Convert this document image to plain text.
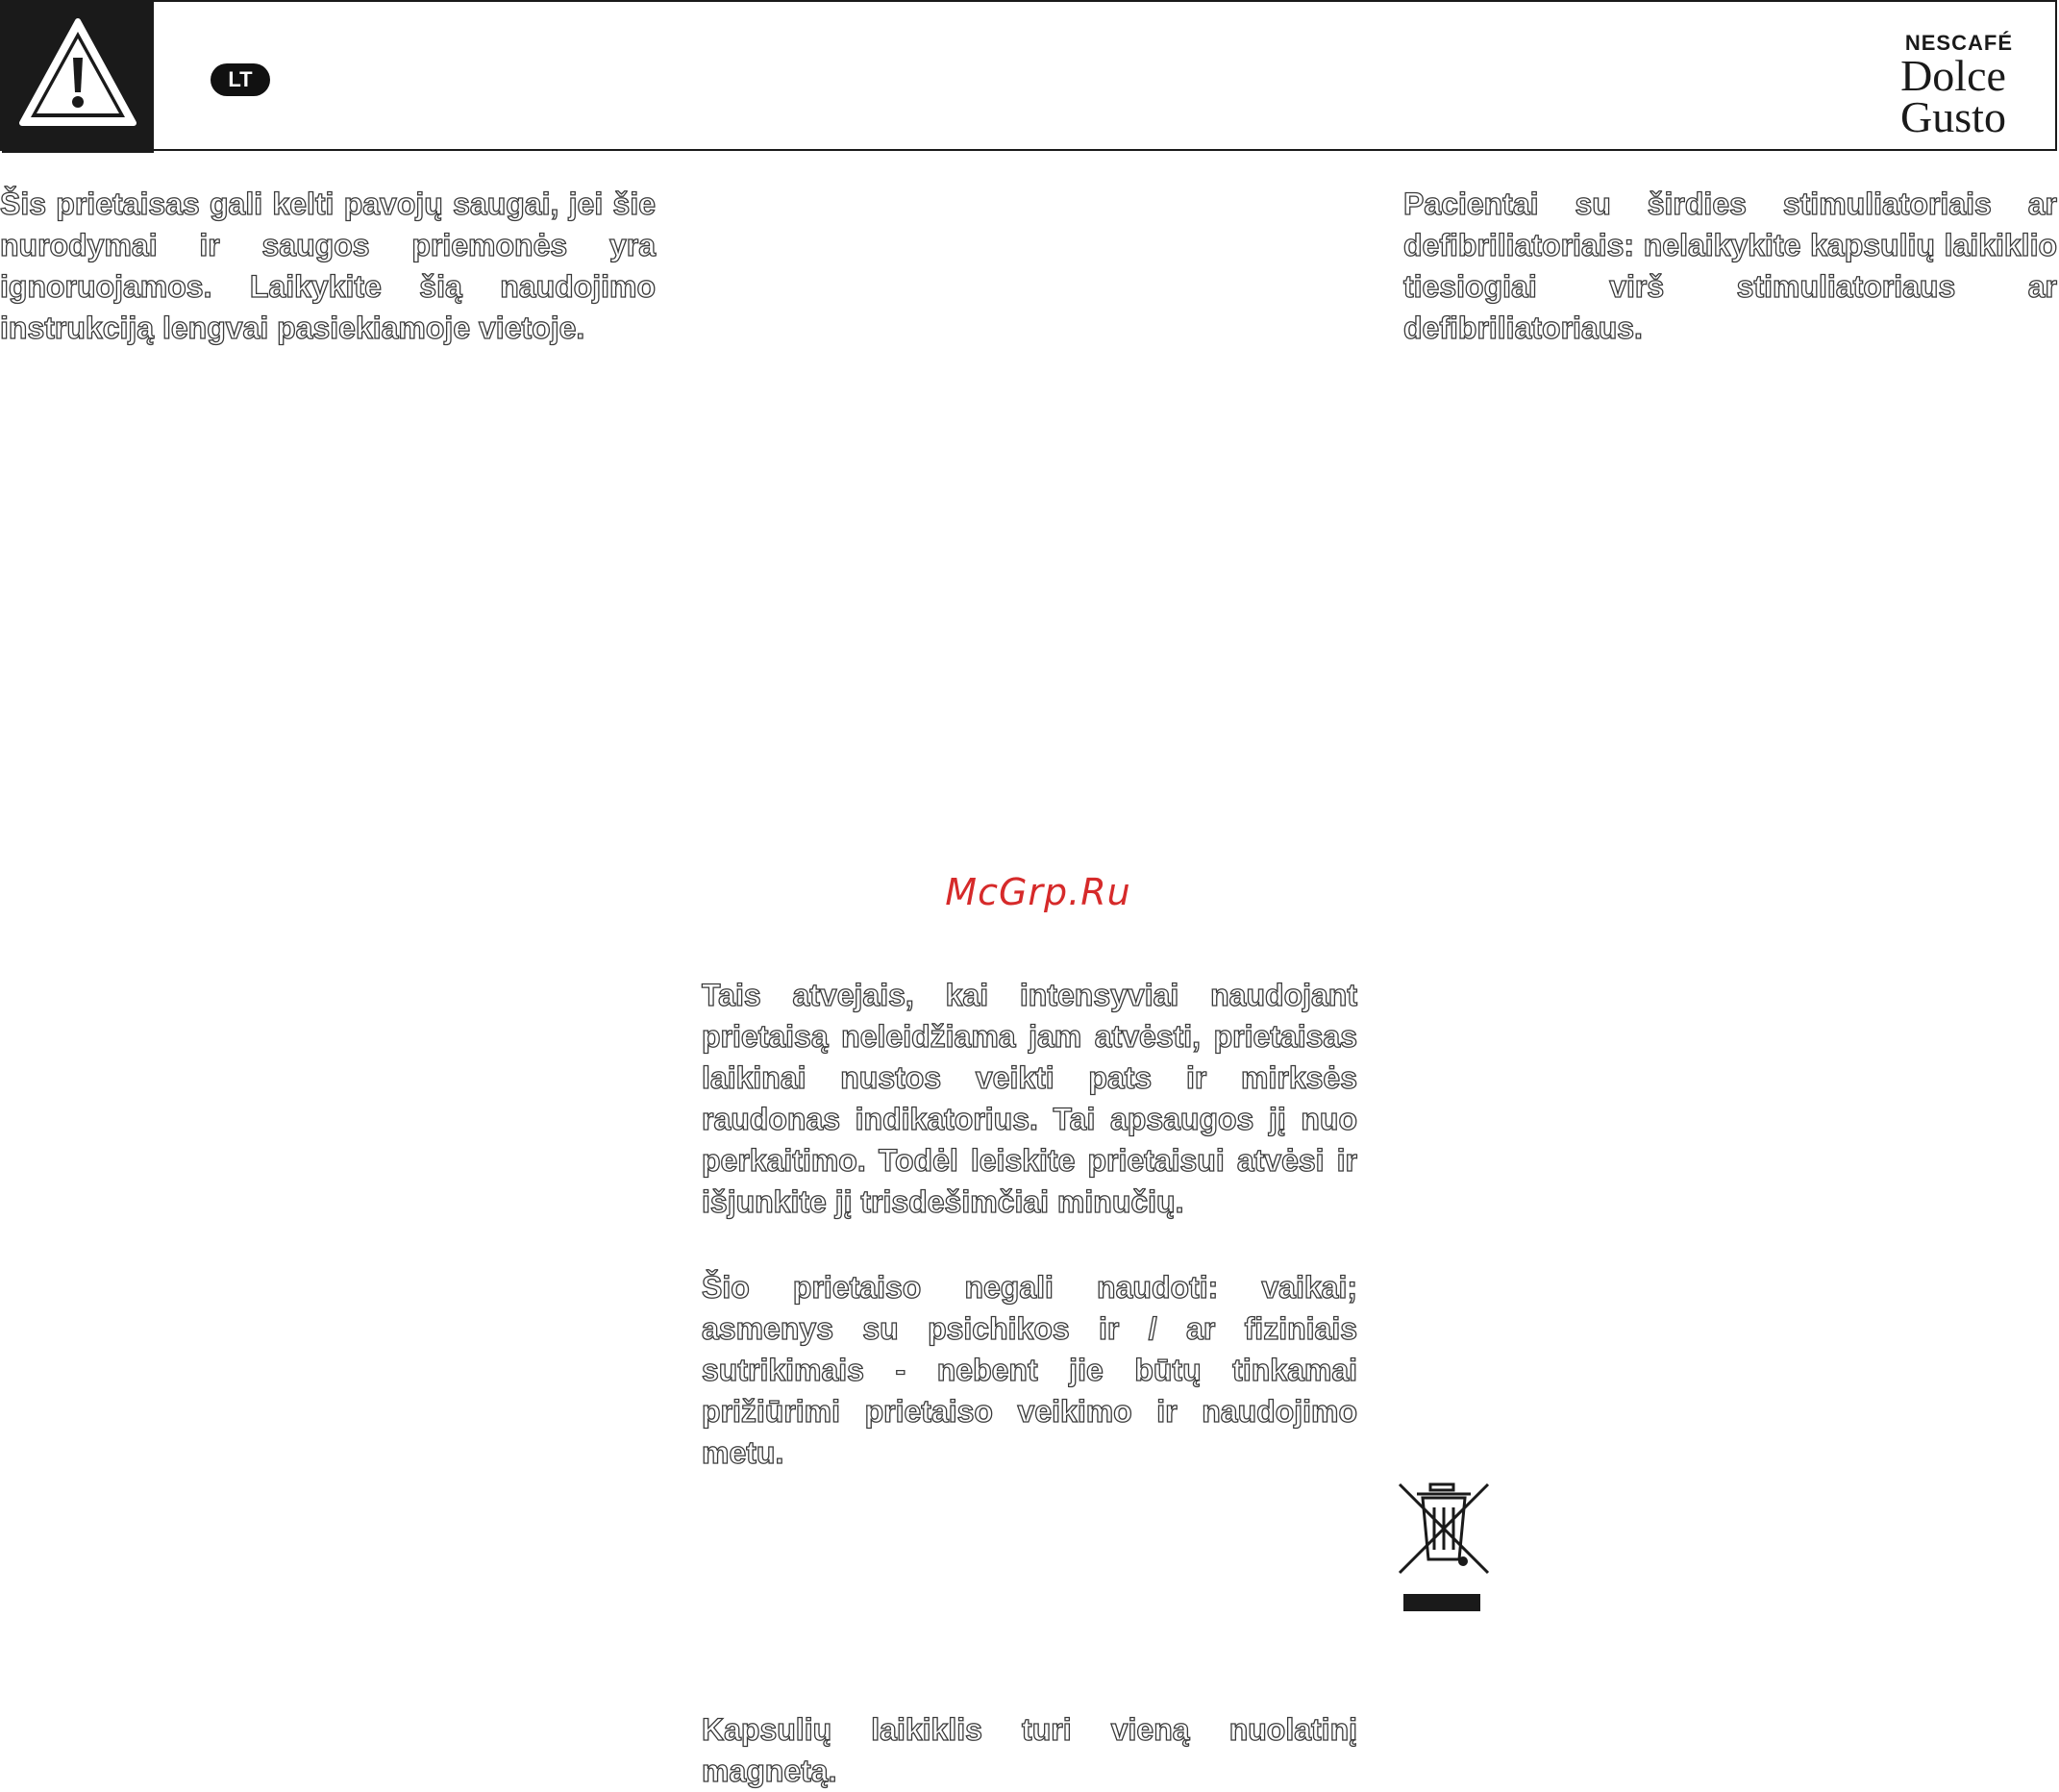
LT
NESCAFÉ
Dolce
Gusto

Šis prietaisas gali kelti pavojų saugai, jei šie nurodymai ir saugos priemonės yra ignoruojamos. Laikykite šią naudojimo instrukciją lengvai pasiekiamoje vietoje.

Pacientai su širdies stimuliatoriais ar defibriliatoriais: nelaikykite kapsulių laikiklio tiesiogiai virš stimuliatoriaus ar defibriliatoriaus.

McGrp.Ru

Tais atvejais, kai intensyviai naudojant prietaisą neleidžiama jam atvėsti, prietaisas laikinai nustos veikti pats ir mirksės raudonas indikatorius. Tai apsaugos jį nuo perkaitimo. Todėl leiskite prietaisui atvėsi ir išjunkite jį trisdešimčiai minučių.

Šio prietaiso negali naudoti: vaikai; asmenys su psichikos ir / ar fiziniais sutrikimais - nebent jie būtų tinkamai prižiūrimi prietaiso veikimo ir naudojimo metu.

Kapsulių laikiklis turi vieną nuolatinį magnetą.
